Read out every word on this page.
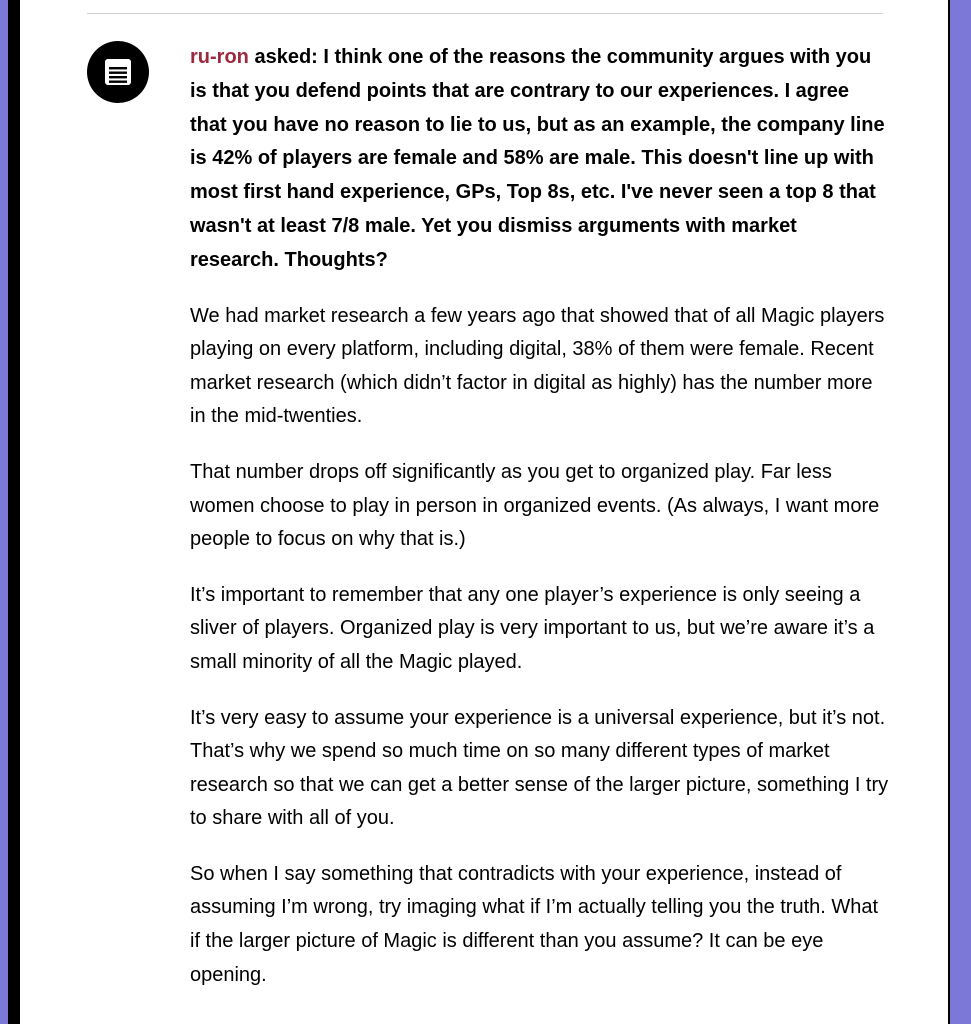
ru-ron asked: I think one of the reasons the community argues with you is that you defend points that are contrary to our experiences. I agree that you have no reason to lie to us, but as an example, the company line is 42% of players are female and 58% are male. This doesn't line up with most first hand experience, GPs, Top 8s, etc. I've never seen a top 8 that wasn't at least 7/8 male. Yet you dismiss arguments with market research. Thoughts?

We had market research a few years ago that showed that of all Magic players playing on every platform, including digital, 38% of them were female. Recent market research (which didn’t factor in digital as highly) has the number more in the mid-twenties.

That number drops off significantly as you get to organized play. Far less women choose to play in person in organized events. (As always, I want more people to focus on why that is.)

It’s important to remember that any one player’s experience is only seeing a sliver of players. Organized play is very important to us, but we’re aware it’s a small minority of all the Magic played.

It’s very easy to assume your experience is a universal experience, but it’s not. That’s why we spend so much time on so many different types of market research so that we can get a better sense of the larger picture, something I try to share with all of you.

So when I say something that contradicts with your experience, instead of assuming I’m wrong, try imaging what if I’m actually telling you the truth. What if the larger picture of Magic is different than you assume? It can be eye opening.
